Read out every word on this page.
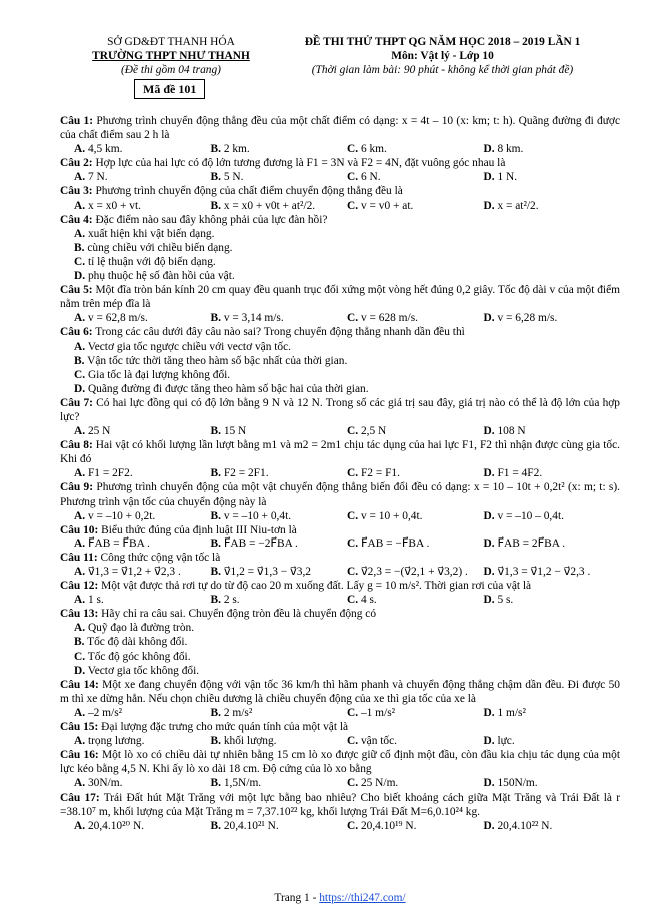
SỞ GD&ĐT THANH HÓA
TRƯỜNG THPT NHƯ THANH
(Đề thi gồm 04 trang)
Mã đề 101
ĐỀ THI THỬ THPT QG NĂM HỌC 2018 – 2019 LẦN 1
Môn: Vật lý - Lớp 10
(Thời gian làm bài: 90 phút - không kể thời gian phát đề)
Câu 1: Phương trình chuyển động thẳng đều của một chất điểm có dạng: x = 4t – 10 (x: km; t: h). Quãng đường đi được của chất điểm sau 2 h là
A. 4,5 km.	B. 2 km.	C. 6 km.	D. 8 km.
Câu 2: Hợp lực của hai lực có độ lớn tương đương là F1 = 3N và F2 = 4N, đặt vuông góc nhau là
A. 7 N.	B. 5 N.	C. 6 N.	D. 1 N.
Câu 3: Phương trình chuyển động của chất điểm chuyển động thẳng đều là
A. x = x0 + vt.	B. x = x0 + v0t + at²/2.	C. v = v0 + at.	D. x = at²/2.
Câu 4: Đặc điểm nào sau đây không phải của lực đàn hồi?
A. xuất hiện khi vật biến dạng.
B. cùng chiều với chiều biến dạng.
C. tỉ lệ thuận với độ biến dạng.
D. phụ thuộc hệ số đàn hồi của vật.
Câu 5: Một đĩa tròn bán kính 20 cm quay đều quanh trục đối xứng một vòng hết đúng 0,2 giây. Tốc độ dài v của một điểm nằm trên mép đĩa là
A. v = 62,8 m/s.	B. v = 3,14 m/s.	C. v = 628 m/s.	D. v = 6,28 m/s.
Câu 6: Trong các câu dưới đây câu nào sai? Trong chuyển động thẳng nhanh dần đều thì
A. Vectơ gia tốc ngược chiều với vectơ vận tốc.
B. Vận tốc tức thời tăng theo hàm số bậc nhất của thời gian.
C. Gia tốc là đại lượng không đổi.
D. Quãng đường đi được tăng theo hàm số bậc hai của thời gian.
Câu 7: Có hai lực đồng qui có độ lớn bằng 9 N và 12 N. Trong số các giá trị sau đây, giá trị nào có thể là độ lớn của hợp lực?
A. 25 N	B. 15 N	C. 2,5 N	D. 108 N
Câu 8: Hai vật có khối lượng lần lượt bằng m1 và m2 = 2m1 chịu tác dụng của hai lực F1, F2 thì nhận được cùng gia tốc. Khi đó
A. F1 = 2F2.	B. F2 = 2F1.	C. F2 = F1.	D. F1 = 4F2.
Câu 9: Phương trình chuyển động của một vật chuyển động thẳng biến đổi đều có dạng: x = 10 – 10t + 0,2t² (x: m; t: s). Phương trình vận tốc của chuyển động này là
A. v = –10 + 0,2t.	B. v = –10 + 0,4t.	C. v = 10 + 0,4t.	D. v = –10 – 0,4t.
Câu 10: Biểu thức đúng của định luật III Niu-tơn là
A. F⃗AB = F⃗BA .	B. F⃗AB = −2F⃗BA .	C. F⃗AB = −F⃗BA .	D. F⃗AB = 2F⃗BA .
Câu 11: Công thức cộng vận tốc là
A. v⃗1,3 = v⃗1,2 + v⃗2,3 .	B. v⃗1,2 = v⃗1,3 − v⃗3,2	C. v⃗2,3 = −(v⃗2,1 + v⃗3,2) .	D. v⃗1,3 = v⃗1,2 − v⃗2,3 .
Câu 12: Một vật được thả rơi tự do từ độ cao 20 m xuống đất. Lấy g = 10 m/s². Thời gian rơi của vật là
A. 1 s.	B. 2 s.	C. 4 s.	D. 5 s.
Câu 13: Hãy chỉ ra câu sai. Chuyển động tròn đều là chuyển động có
A. Quỹ đạo là đường tròn.
B. Tốc độ dài không đổi.
C. Tốc độ góc không đổi.
D. Vectơ gia tốc không đổi.
Câu 14: Một xe đang chuyển động với vận tốc 36 km/h thì hãm phanh và chuyển động thẳng chậm dần đều. Đi được 50 m thì xe dừng hẳn. Nếu chọn chiều dương là chiều chuyển động của xe thì gia tốc của xe là
A. –2 m/s²	B. 2 m/s²	C. –1 m/s²	D. 1 m/s²
Câu 15: Đại lượng đặc trưng cho mức quán tính của một vật là
A. trọng lương.	B. khối lượng.	C. vận tốc.	D. lực.
Câu 16: Một lò xo có chiều dài tự nhiên bằng 15 cm lò xo được giữ cố định một đầu, còn đầu kia chịu tác dụng của một lực kéo bằng 4,5 N. Khi ấy lò xo dài 18 cm. Độ cứng của lò xo bằng
A. 30N/m.	B. 1,5N/m.	C. 25 N/m.	D. 150N/m.
Câu 17: Trái Đất hút Mặt Trăng với một lực bằng bao nhiêu? Cho biết khoảng cách giữa Mặt Trăng và Trái Đất là r =38.10⁷ m, khối lượng của Mặt Trăng m = 7,37.10²² kg, khối lượng Trái Đất M=6,0.10²⁴ kg.
A. 20,4.10²⁰ N.	B. 20,4.10²¹ N.	C. 20,4.10¹⁹ N.	D. 20,4.10²² N.
Trang 1 - https://thi247.com/
